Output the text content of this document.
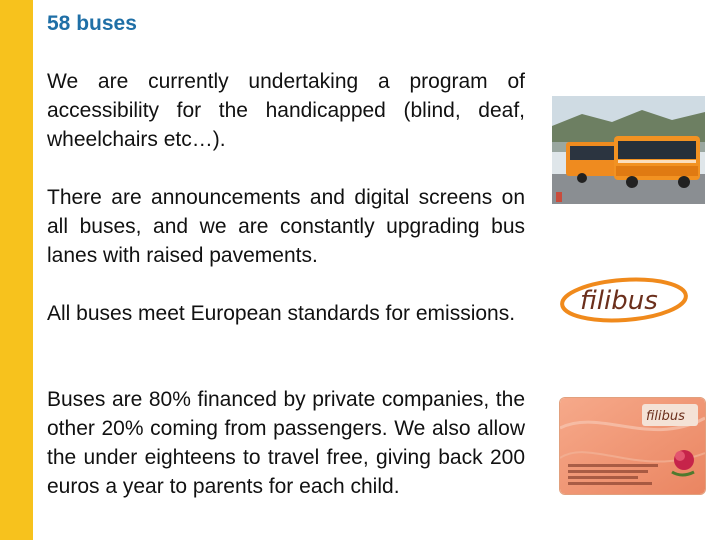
58 buses
We are currently undertaking a program of accessibility for the handicapped (blind, deaf, wheelchairs etc…).
There are announcements and digital screens on all buses, and we are constantly upgrading bus lanes with raised pavements.
All buses meet European standards for emissions.
Buses are 80% financed by private companies, the other 20% coming from passengers. We also allow the under eighteens to travel free, giving back 200 euros a year to parents for each child.
filibus
filibus
